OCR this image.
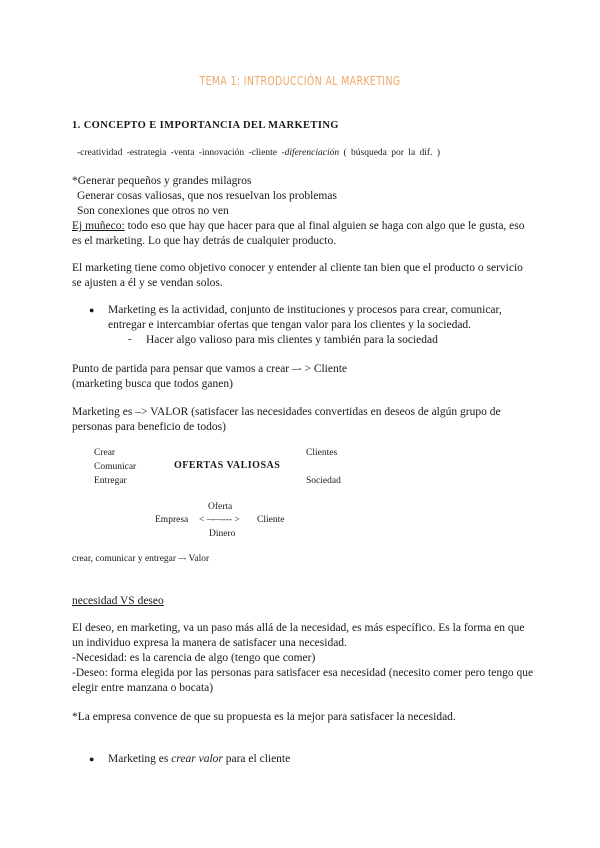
TEMA 1: INTRODUCCIÓN AL MARKETING
1. CONCEPTO E IMPORTANCIA DEL MARKETING
-creatividad -estrategia -venta -innovación -cliente -diferenciación ( búsqueda por la dif. )
*Generar pequeños y grandes milagros
Generar cosas valiosas, que nos resuelvan los problemas
Son conexiones que otros no ven
Ej muñeco: todo eso que hay que hacer para que al final alguien se haga con algo que le gusta, eso es el marketing. Lo que hay detrás de cualquier producto.
El marketing tiene como objetivo conocer y entender al cliente tan bien que el producto o servicio se ajusten a él y se vendan solos.
● Marketing es la actividad, conjunto de instituciones y procesos para crear, comunicar, entregar e intercambiar ofertas que tengan valor para los clientes y la sociedad.
- Hacer algo valioso para mis clientes y también para la sociedad
Punto de partida para pensar que vamos a crear –- > Cliente
(marketing busca que todos ganen)
Marketing es –> VALOR (satisfacer las necesidades convertidas en deseos de algún grupo de personas para beneficio de todos)
Crear
Comunicar
Entregar
OFERTAS VALIOSAS
Clientes
Sociedad
Oferta
Empresa < –-–---- > Cliente
Dinero
crear, comunicar y entregar –- Valor
necesidad VS deseo
El deseo, en marketing, va un paso más allá de la necesidad, es más específico. Es la forma en que un individuo expresa la manera de satisfacer una necesidad.
-Necesidad: es la carencia de algo (tengo que comer)
-Deseo: forma elegida por las personas para satisfacer esa necesidad (necesito comer pero tengo que elegir entre manzana o bocata)
*La empresa convence de que su propuesta es la mejor para satisfacer la necesidad.
● Marketing es crear valor para el cliente
